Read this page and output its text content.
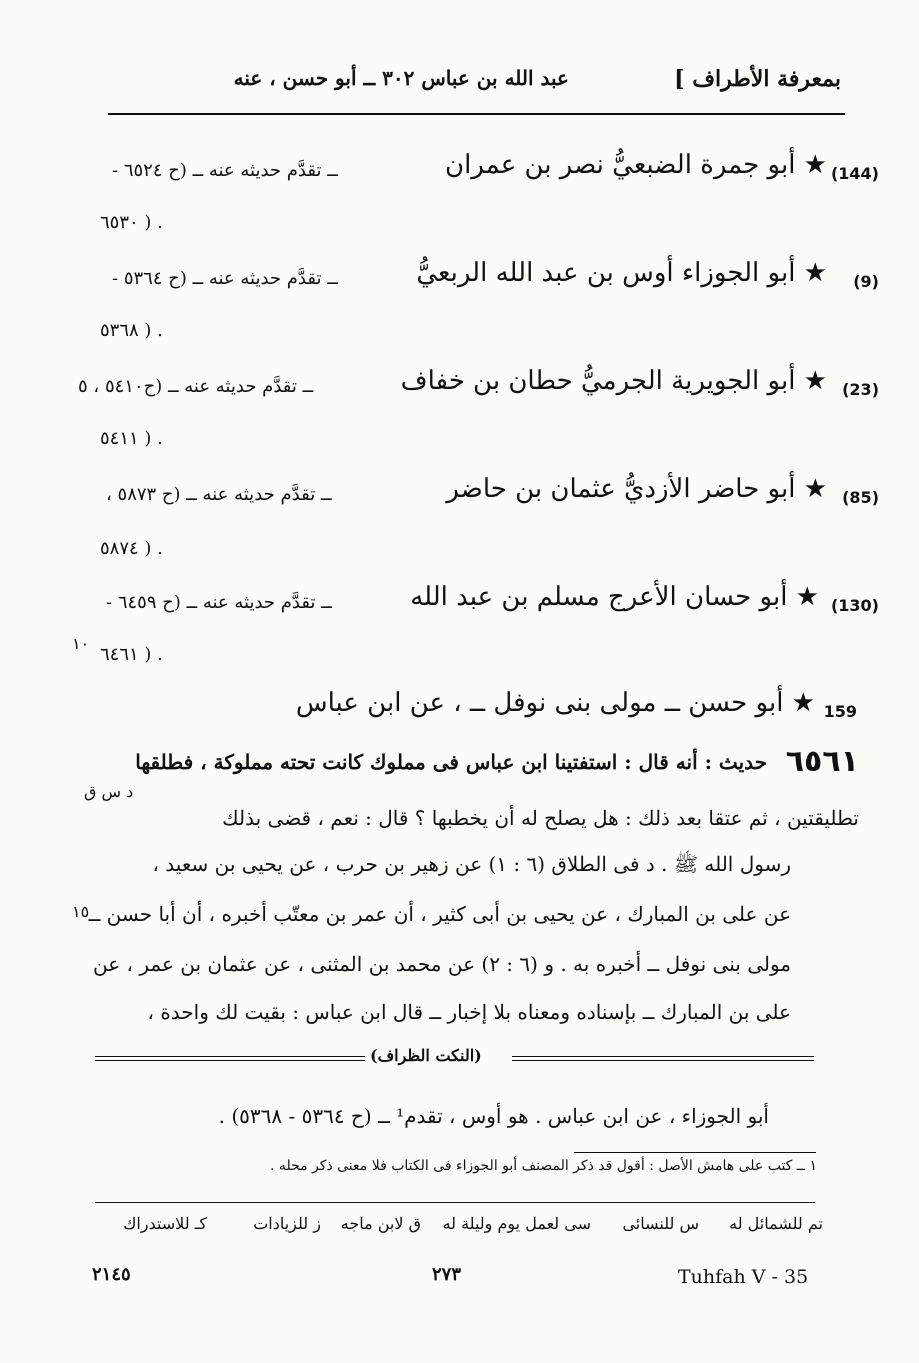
بمعرفة الأطراف ]
عبد الله بن عباس ٣٠٢ ــ أبو حسن ، عنه
(144)
★ أبو جمرة الضبعيُّ نصر بن عمران
ــ تقدَّم حديثه عنه ــ (ح ٦٥٢٤ -
٦٥٣٠ ) .
(9)
★ أبو الجوزاء أوس بن عبد الله الربعيُّ
ــ تقدَّم حديثه عنه ــ (ح ٥٣٦٤ -
٥٣٦٨ ) .
(23)
★ أبو الجويرية الجرميُّ حطان بن خفاف
ــ تقدَّم حديثه عنه ــ (ح٥٤١٠ ، ٥
٥٤١١ ) .
(85)
★ أبو حاضر الأزديُّ عثمان بن حاضر
ــ تقدَّم حديثه عنه ــ (ح ٥٨٧٣ ،
٥٨٧٤ ) .
(130)
★ أبو حسان الأعرج مسلم بن عبد الله
ــ تقدَّم حديثه عنه ــ (ح ٦٤٥٩ -
١٠
٦٤٦١ ) .
159
★ أبو حسن ــ مولى بنى نوفل ــ ، عن ابن عباس
٦٥٦١
د س ق
حديث : أنه قال : استفتينا ابن عباس فى مملوك كانت تحته مملوكة ، فطلقها
تطليقتين ، ثم عتقا بعد ذلك : هل يصلح له أن يخطبها ؟ قال : نعم ، قضى بذلك
رسول الله ﷺ . د فى الطلاق (٦ : ١) عن زهير بن حرب ، عن يحيى بن سعيد ،
عن على بن المبارك ، عن يحيى بن أبى كثير ، أن عمر بن معتّب أخبره ، أن أبا حسن ــ
١٥
مولى بنى نوفل ــ أخبره به . و (٦ : ٢) عن محمد بن المثنى ، عن عثمان بن عمر ، عن
على بن المبارك ــ بإسناده ومعناه بلا إخبار ــ قال ابن عباس : بقيت لك واحدة ،
(النكت الظراف)
أبو الجوزاء ، عن ابن عباس . هو أوس ، تقدم¹ ــ (ح ٥٣٦٤ - ٥٣٦٨) .
١ ــ كتب على هامش الأصل : أقول قد ذكر المصنف أبو الجوزاء فى الكتاب فلا معنى ذكر محله .
تم للشمائل له
س للنسائى
سى لعمل يوم وليلة له
ق لابن ماجه
ز للزيادات
كـ للاستدراك
Tuhfah V - 35
٢٧٣
٢١٤٥
